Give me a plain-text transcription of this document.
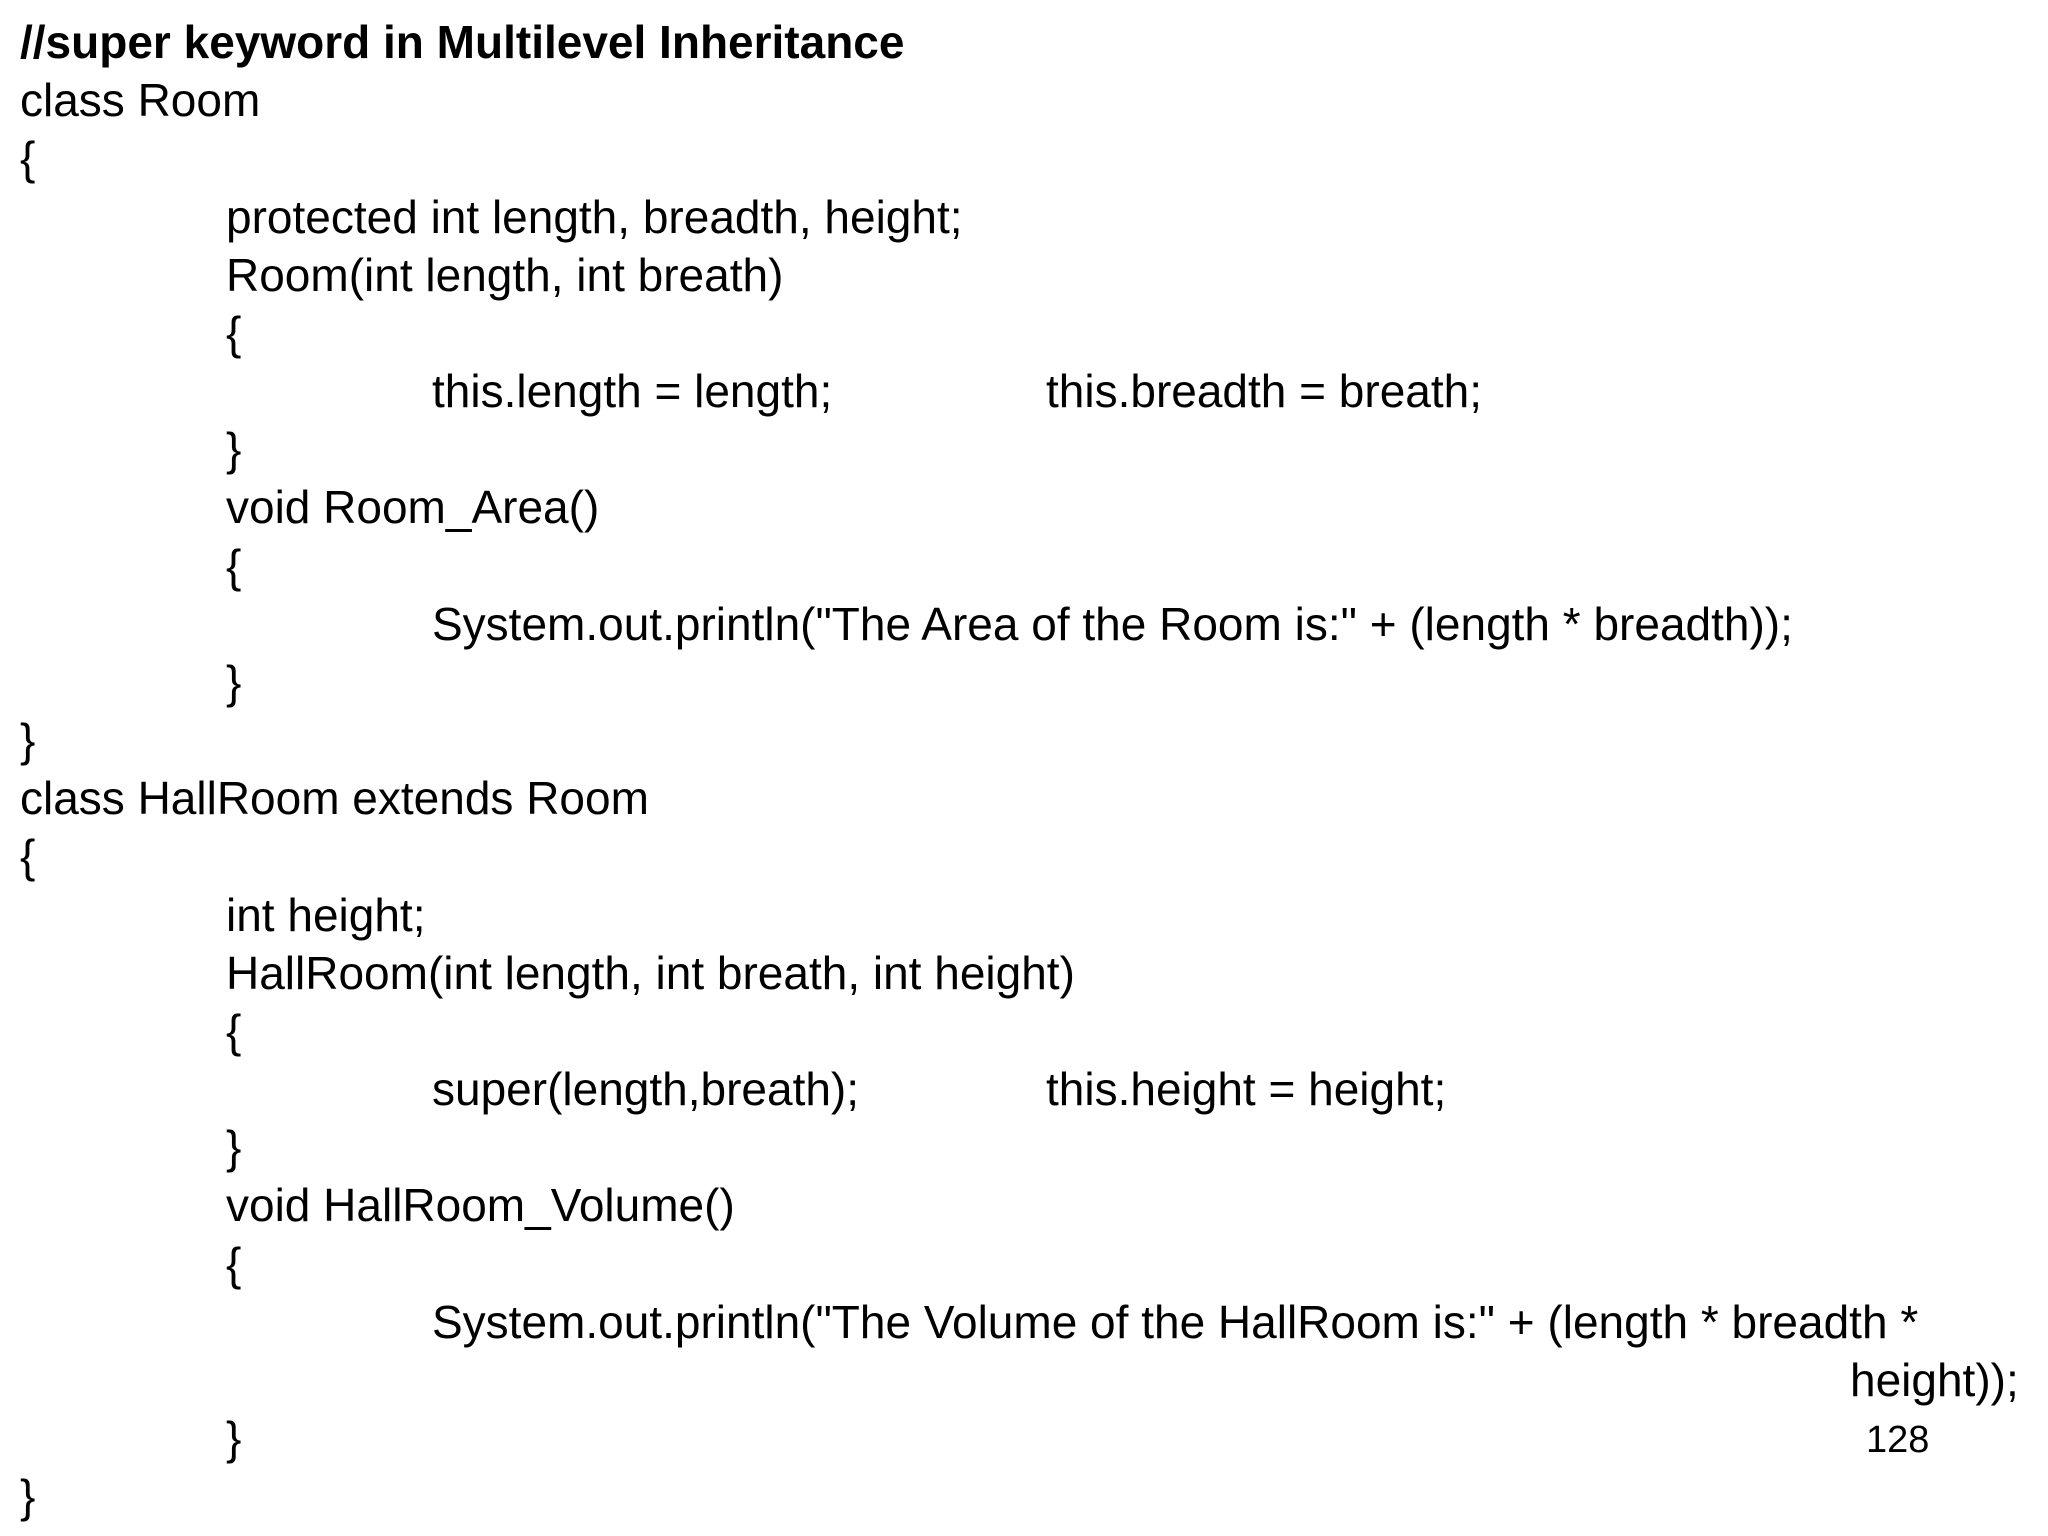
//super keyword in Multilevel Inheritance
class Room
{
protected int length, breadth, height;
Room(int length, int breath)
{
this.length = length;	this.breadth = breath;
}
void Room_Area()
{
System.out.println("The Area of the Room is:" + (length * breadth));
}
}
class HallRoom extends Room
{
int height;
HallRoom(int length, int breath, int height)
{
super(length,breath);	this.height = height;
}
void HallRoom_Volume()
{
System.out.println("The Volume of the HallRoom is:" + (length * breadth *
height));
}
}
128
